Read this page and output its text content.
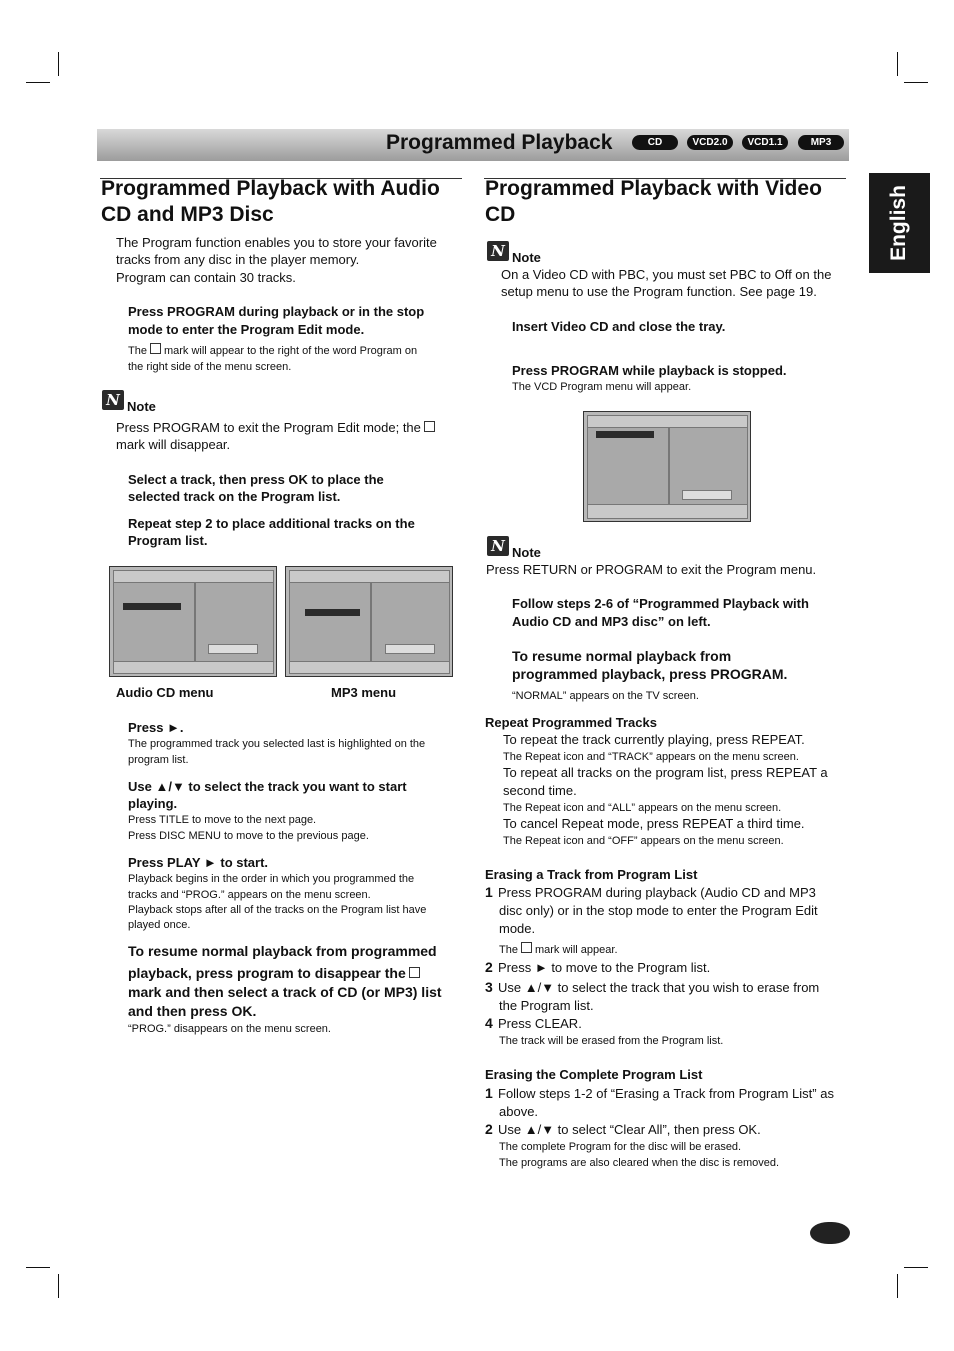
Programmed Playback	CD	VCD2.0	VCD1.1	MP3
English
Programmed Playback with Audio CD and MP3 Disc
The Program function enables you to store your favorite
tracks from any disc in the player memory.
Program can contain 30 tracks.
Press PROGRAM during playback or in the stop
mode to enter the Program Edit mode.
The mark will appear to the right of the word Program on
the right side of the menu screen.
N Note
Press PROGRAM to exit the Program Edit mode; the
mark will disappear.
Select a track, then press OK to place the
selected track on the Program list.
Repeat step 2 to place additional tracks on the
Program list.
Audio CD menu	MP3 menu
Press ►.
The programmed track you selected last is highlighted on the
program list.
Use ▲/▼ to select the track you want to start
playing.
Press TITLE to move to the next page.
Press DISC MENU to move to the previous page.
Press PLAY ► to start.
Playback begins in the order in which you programmed the
tracks and “PROG.” appears on the menu screen.
Playback stops after all of the tracks on the Program list have
played once.
To resume normal playback from programmed
playback, press program to disappear the
mark and then select a track of CD (or MP3) list
and then press OK.
“PROG.” disappears on the menu screen.
Programmed Playback with Video
CD
N Note
On a Video CD with PBC, you must set PBC to Off on the
setup menu to use the Program function. See page 19.
Insert Video CD and close the tray.
Press PROGRAM while playback is stopped.
The VCD Program menu will appear.
N Note
Press RETURN or PROGRAM to exit the Program menu.
Follow steps 2-6 of “Programmed Playback with
Audio CD and MP3 disc” on left.
To resume normal playback from
programmed playback, press PROGRAM.
“NORMAL” appears on the TV screen.
Repeat Programmed Tracks
To repeat the track currently playing, press REPEAT.
The Repeat icon and “TRACK” appears on the menu screen.
To repeat all tracks on the program list, press REPEAT a
second time.
The Repeat icon and “ALL” appears on the menu screen.
To cancel Repeat mode, press REPEAT a third time.
The Repeat icon and “OFF” appears on the menu screen.
Erasing a Track from Program List
1 Press PROGRAM during playback (Audio CD and MP3
disc only) or in the stop mode to enter the Program Edit
mode.
The mark will appear.
2 Press ► to move to the Program list.
3 Use ▲/▼ to select the track that you wish to erase from
the Program list.
4 Press CLEAR.
The track will be erased from the Program list.
Erasing the Complete Program List
1 Follow steps 1-2 of “Erasing a Track from Program List” as
above.
2 Use ▲/▼ to select “Clear All”, then press OK.
The complete Program for the disc will be erased.
The programs are also cleared when the disc is removed.
